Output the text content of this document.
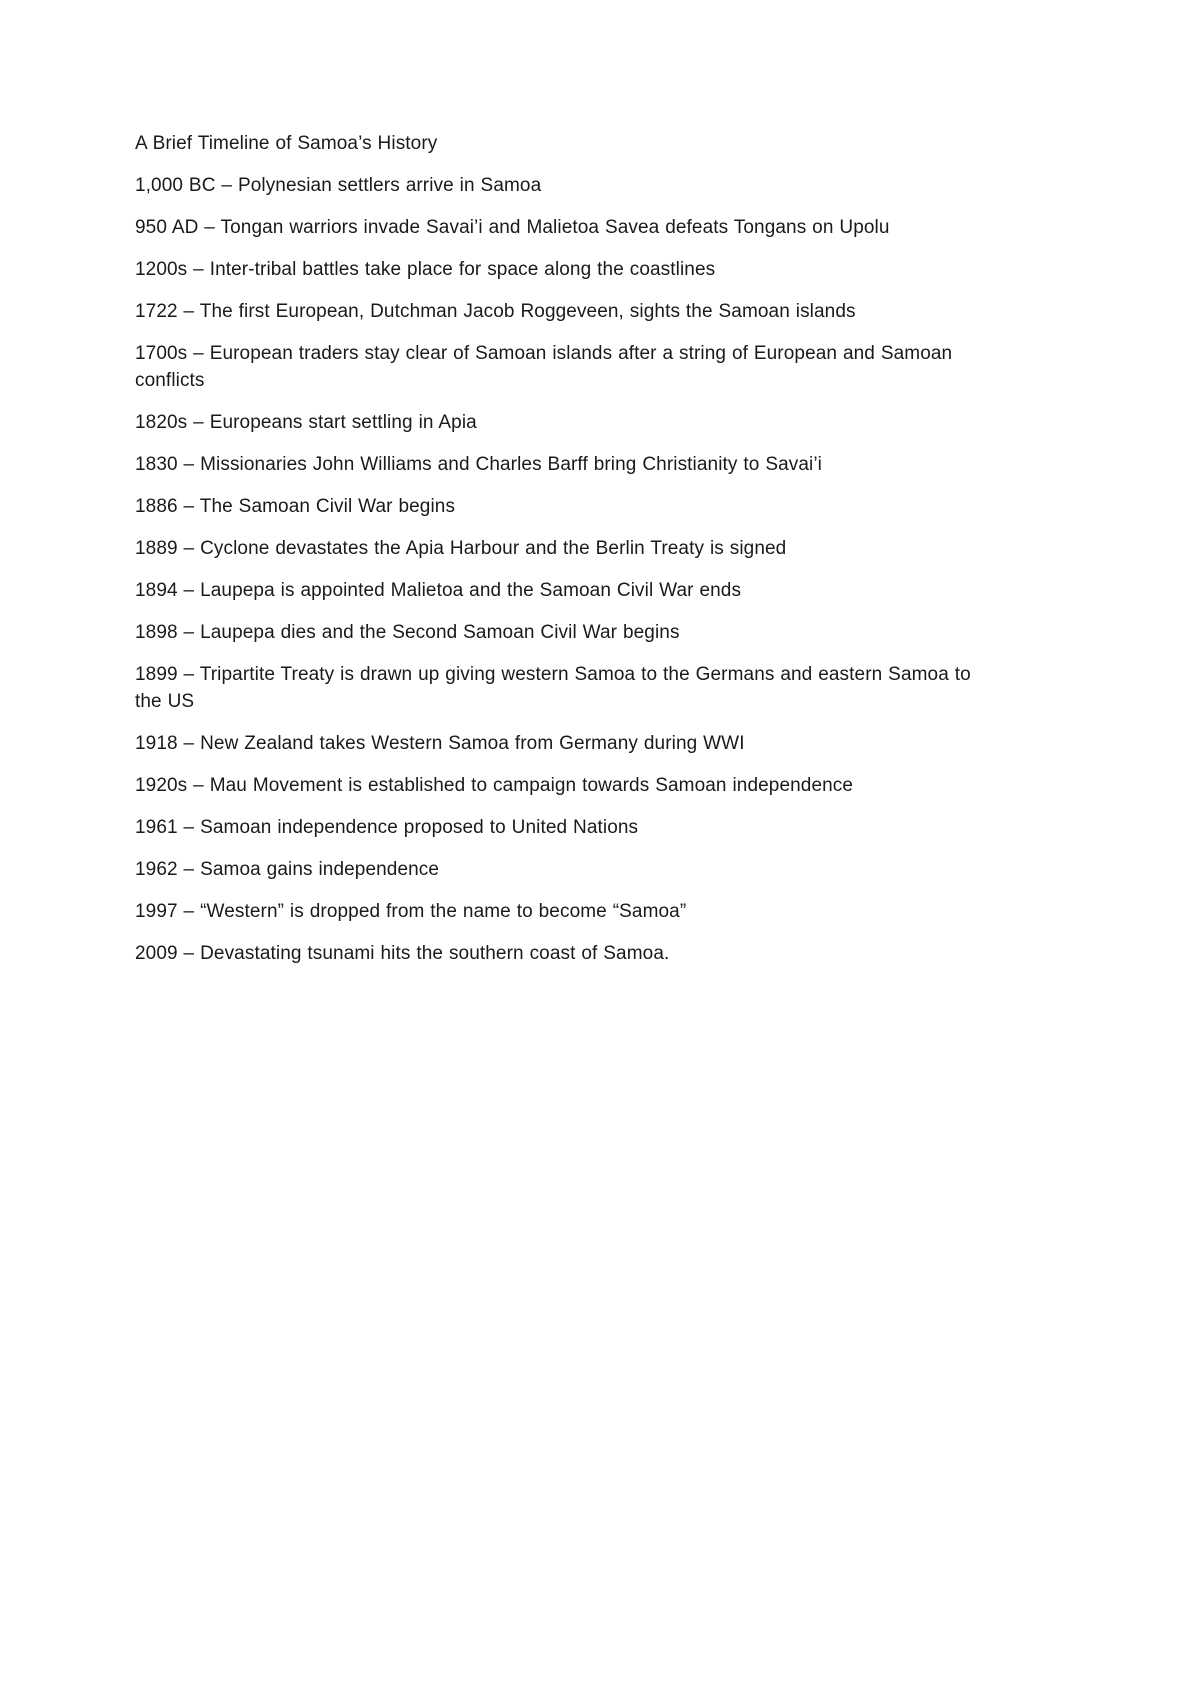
A Brief Timeline of Samoa’s History

1,000 BC – Polynesian settlers arrive in Samoa

950 AD – Tongan warriors invade Savai’i and Malietoa Savea defeats Tongans on Upolu

1200s – Inter-tribal battles take place for space along the coastlines

1722 – The first European, Dutchman Jacob Roggeveen, sights the Samoan islands

1700s – European traders stay clear of Samoan islands after a string of European and Samoan conflicts

1820s – Europeans start settling in Apia

1830 – Missionaries John Williams and Charles Barff bring Christianity to Savai’i

1886 – The Samoan Civil War begins

1889 – Cyclone devastates the Apia Harbour and the Berlin Treaty is signed

1894 – Laupepa is appointed Malietoa and the Samoan Civil War ends

1898 – Laupepa dies and the Second Samoan Civil War begins

1899 – Tripartite Treaty is drawn up giving western Samoa to the Germans and eastern Samoa to the US

1918 – New Zealand takes Western Samoa from Germany during WWI

1920s – Mau Movement is established to campaign towards Samoan independence

1961 – Samoan independence proposed to United Nations

1962 – Samoa gains independence

1997 – “Western” is dropped from the name to become “Samoa”

2009 – Devastating tsunami hits the southern coast of Samoa.
